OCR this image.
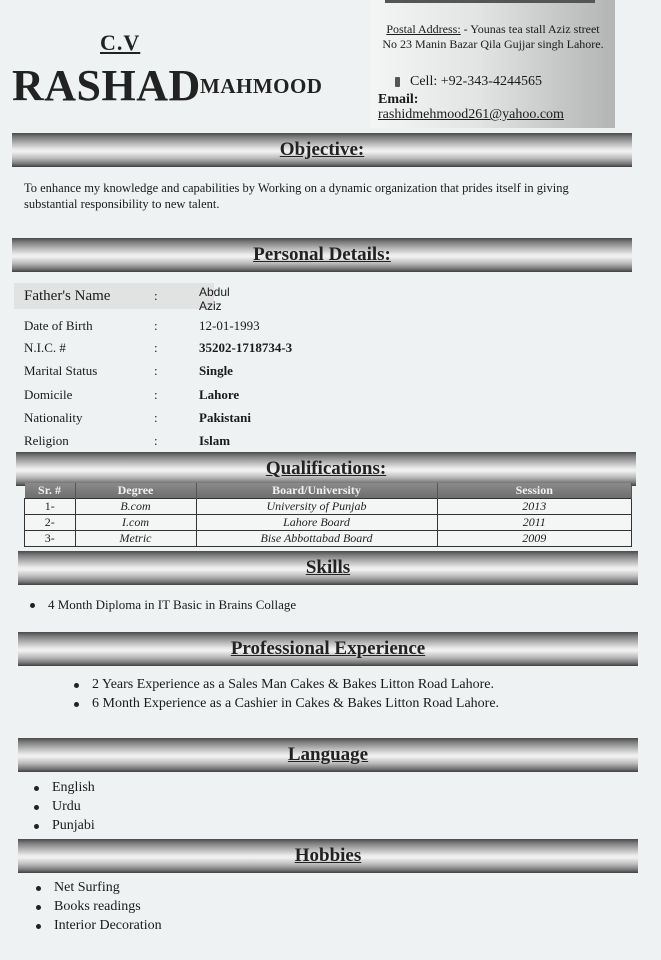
C.V
RASHAD MAHMOOD
Postal Address: - Younas tea stall Aziz street No 23 Manin Bazar Qila Gujjar singh Lahore.
Cell: +92-343-4244565
Email:
rashidmehmood261@yahoo.com
Objective:
To enhance my knowledge and capabilities by Working on a dynamic organization that prides itself in giving substantial responsibility to new talent.
Personal Details:
Father's Name	:	Abdul Aziz
Date of Birth	:	12-01-1993
N.I.C. #	:	35202-1718734-3
Marital Status	:	Single
Domicile	:	Lahore
Nationality	:	Pakistani
Religion	:	Islam
Qualifications:
Sr. #	Degree	Board/University	Session
1-	B.com	University of Punjab	2013
2-	I.com	Lahore Board	2011
3-	Metric	Bise Abbottabad Board	2009
Skills
4 Month Diploma in IT Basic in Brains Collage
Professional Experience
2 Years Experience as a Sales Man Cakes & Bakes Litton Road Lahore.
6 Month Experience as a Cashier in Cakes & Bakes Litton Road Lahore.
Language
English
Urdu
Punjabi
Hobbies
Net Surfing
Books readings
Interior Decoration
